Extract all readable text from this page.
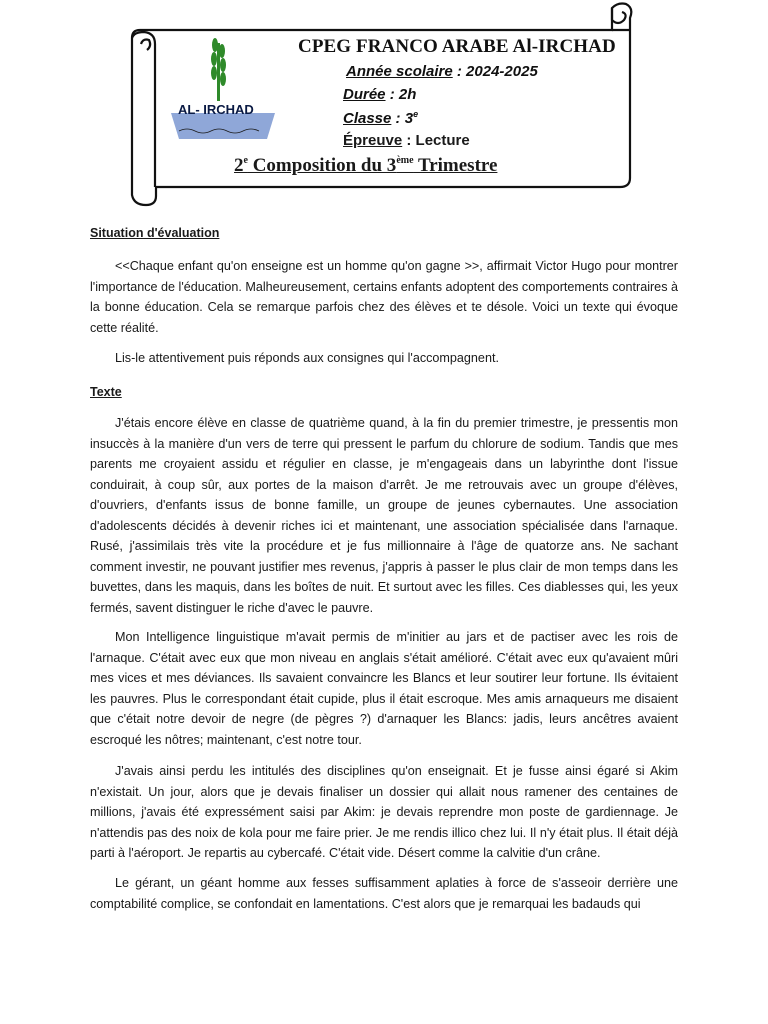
AL- IRCHAD
CPEG FRANCO ARABE Al-IRCHAD
Année scolaire : 2024-2025
Durée : 2h
Classe : 3e
Épreuve : Lecture
2e Composition du 3ème Trimestre
Situation d'évaluation

<<Chaque enfant qu'on enseigne est un homme qu'on gagne >>, affirmait Victor Hugo pour montrer l'importance de l'éducation. Malheureusement, certains enfants adoptent des comportements contraires à la bonne éducation. Cela se remarque parfois chez des élèves et te désole. Voici un texte qui évoque cette réalité.

Lis-le attentivement puis réponds aux consignes qui l'accompagnent.

Texte

J'étais encore élève en classe de quatrième quand, à la fin du premier trimestre, je pressentis mon insuccès à la manière d'un vers de terre qui pressent le parfum du chlorure de sodium. Tandis que mes parents me croyaient assidu et régulier en classe, je m'engageais dans un labyrinthe dont l'issue conduirait, à coup sûr, aux portes de la maison d'arrêt. Je me retrouvais avec un groupe d'élèves, d'ouvriers, d'enfants issus de bonne famille, un groupe de jeunes cybernautes. Une association d'adolescents décidés à devenir riches ici et maintenant, une association spécialisée dans l'arnaque. Rusé, j'assimilais très vite la procédure et je fus millionnaire à l'âge de quatorze ans. Ne sachant comment investir, ne pouvant justifier mes revenus, j'appris à passer le plus clair de mon temps dans les buvettes, dans les maquis, dans les boîtes de nuit. Et surtout avec les filles. Ces diablesses qui, les yeux fermés, savent distinguer le riche d'avec le pauvre.

Mon Intelligence linguistique m'avait permis de m'initier au jars et de pactiser avec les rois de l'arnaque. C'était avec eux que mon niveau en anglais s'était amélioré. C'était avec eux qu'avaient mûri mes vices et mes déviances. Ils savaient convaincre les Blancs et leur soutirer leur fortune. Ils évitaient les pauvres. Plus le correspondant était cupide, plus il était escroque. Mes amis arnaqueurs me disaient que c'était notre devoir de negre (de pègres ?) d'arnaquer les Blancs: jadis, leurs ancêtres avaient escroqué les nôtres; maintenant, c'est notre tour.

J'avais ainsi perdu les intitulés des disciplines qu'on enseignait. Et je fusse ainsi égaré si Akim n'existait. Un jour, alors que je devais finaliser un dossier qui allait nous ramener des centaines de millions, j'avais été expressément saisi par Akim: je devais reprendre mon poste de gardiennage. Je n'attendis pas des noix de kola pour me faire prier. Je me rendis illico chez lui. Il n'y était plus. Il était déjà parti à l'aéroport. Je repartis au cybercafé. C'était vide. Désert comme la calvitie d'un crâne.

Le gérant, un géant homme aux fesses suffisamment aplaties à force de s'asseoir derrière une comptabilité complice, se confondait en lamentations. C'est alors que je remarquai les badauds qui
